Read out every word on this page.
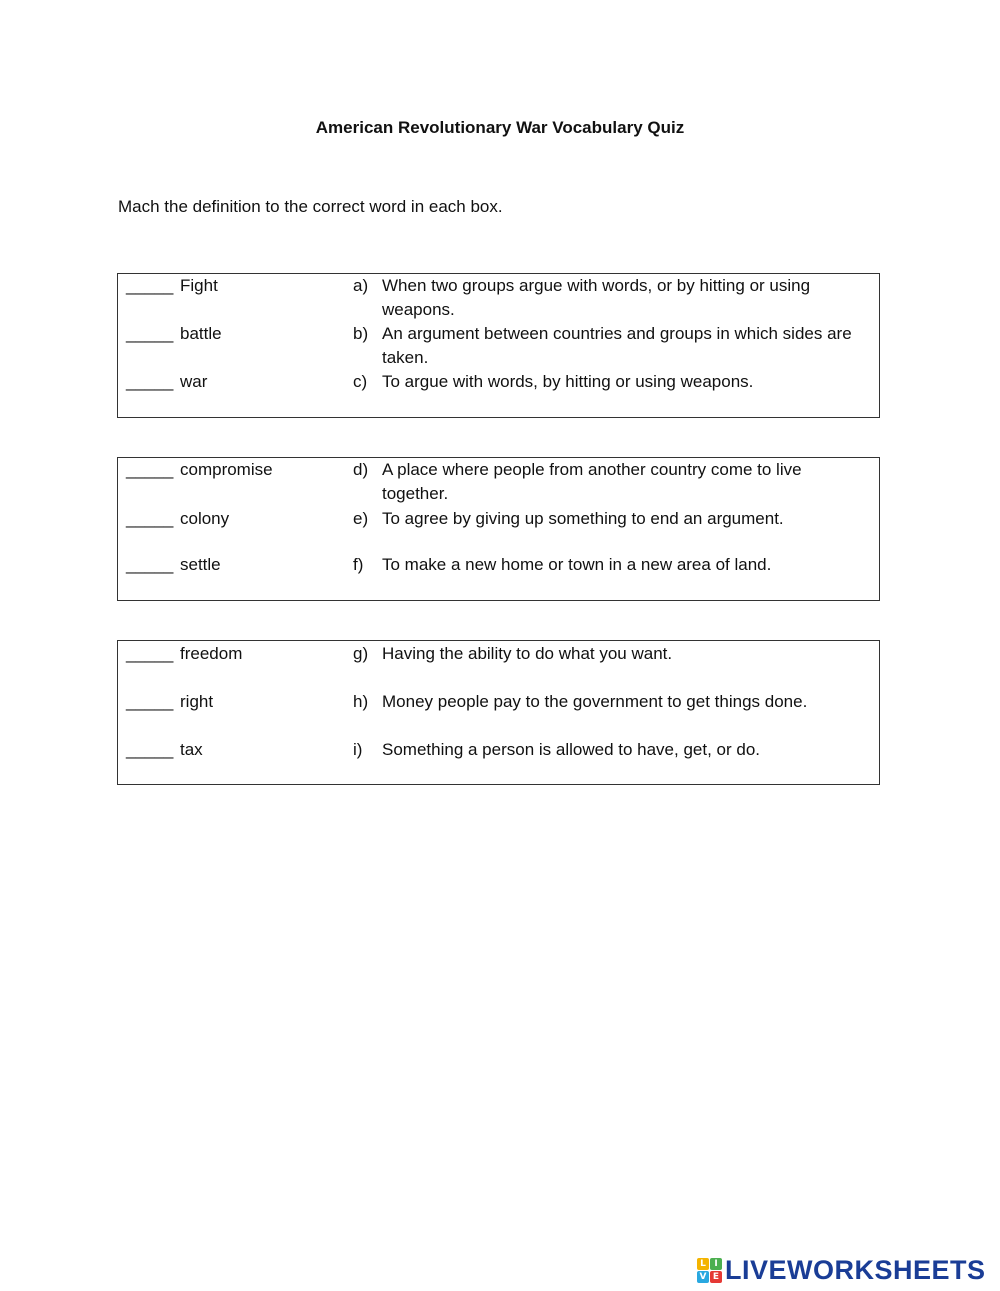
American Revolutionary War Vocabulary Quiz
Mach the definition to the correct word in each box.
_____ Fight	a) When two groups argue with words, or by hitting or using weapons.
_____ battle	b) An argument between countries and groups in which sides are taken.
_____ war	c) To argue with words, by hitting or using weapons.
_____ compromise	d) A place where people from another country come to live together.
_____ colony	e) To agree by giving up something to end an argument.
_____ settle	f) To make a new home or town in a new area of land.
_____ freedom	g) Having the ability to do what you want.
_____ right	h) Money people pay to the government to get things done.
_____ tax	i) Something a person is allowed to have, get, or do.
L I
V E LIVEWORKSHEETS
